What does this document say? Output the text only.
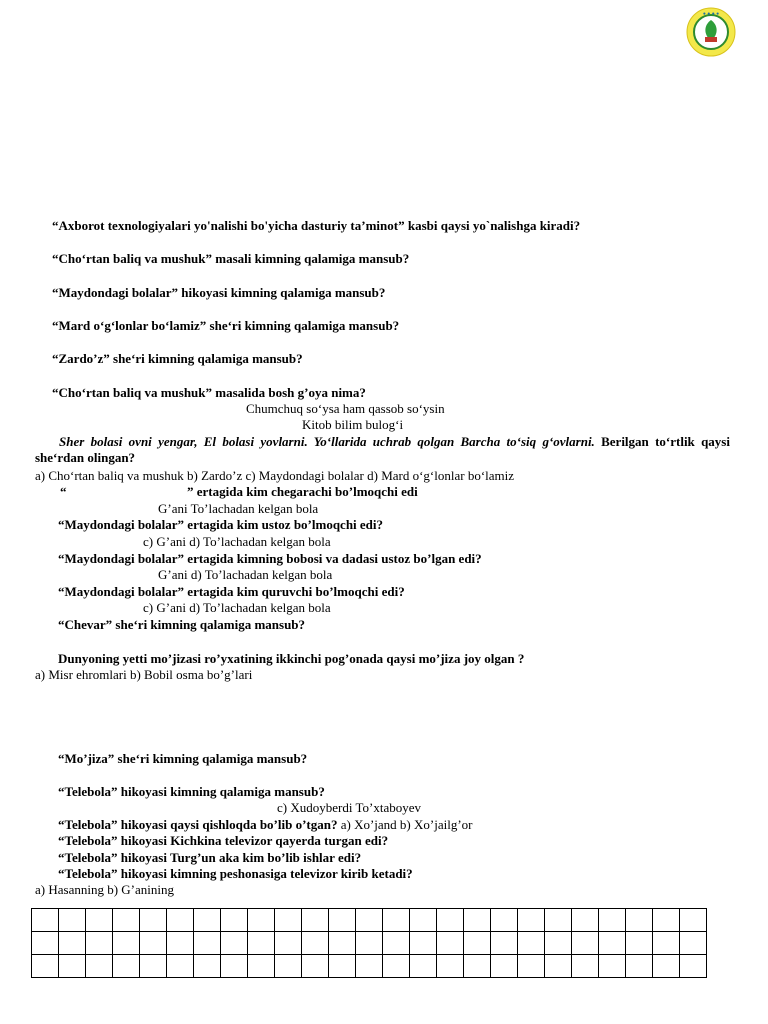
● ● ● ●
“Axborot texnologiyalari yo'nalishi bo'yicha dasturiy ta’minot” kasbi qaysi yo`nalishga kiradi?
“Cho‘rtan baliq va mushuk” masali kimning qalamiga mansub?
“Maydondagi bolalar” hikoyasi kimning qalamiga mansub?
“Mard o‘g‘lonlar bo‘lamiz” she‘ri kimning qalamiga mansub?
“Zardo’z” she‘ri kimning qalamiga mansub?
“Cho‘rtan baliq va mushuk” masalida bosh g’oya nima?
Chumchuq so‘ysa ham qassob so‘ysin
Kitob bilim bulog‘i
Sher bolasi ovni yengar, El bolasi yovlarni. Yo‘llarida uchrab qolgan Barcha to‘siq g‘ovlarni. Berilgan to‘rtlik qaysi she‘rdan olingan?
a) Cho‘rtan baliq va mushuk b) Zardo’z c) Maydondagi bolalar d) Mard o‘g‘lonlar bo‘lamiz
“	” ertagida kim chegarachi bo’lmoqchi edi
G’ani To’lachadan kelgan bola
“Maydondagi bolalar” ertagida kim ustoz bo’lmoqchi edi?
c) G’ani d) To’lachadan kelgan bola
“Maydondagi bolalar” ertagida kimning bobosi va dadasi ustoz bo’lgan edi?
G’ani d) To’lachadan kelgan bola
“Maydondagi bolalar” ertagida kim quruvchi bo’lmoqchi edi?
c) G’ani d) To’lachadan kelgan bola
“Chevar” she‘ri kimning qalamiga mansub?
Dunyoning yetti mo’jizasi ro’yxatining ikkinchi pog’onada qaysi mo’jiza joy olgan ?
a) Misr ehromlari b) Bobil osma bo’g’lari
“Mo’jiza” she‘ri kimning qalamiga mansub?
“Telebola” hikoyasi kimning qalamiga mansub?
c) Xudoyberdi To’xtaboyev
“Telebola” hikoyasi qaysi qishloqda bo’lib o’tgan? a) Xo’jand b) Xo’jailg’or
“Telebola” hikoyasi Kichkina televizor qayerda turgan edi?
“Telebola” hikoyasi Turg’un aka kim bo’lib ishlar edi?
“Telebola” hikoyasi kimning peshonasiga televizor kirib ketadi?
a) Hasanning b) G’anining
